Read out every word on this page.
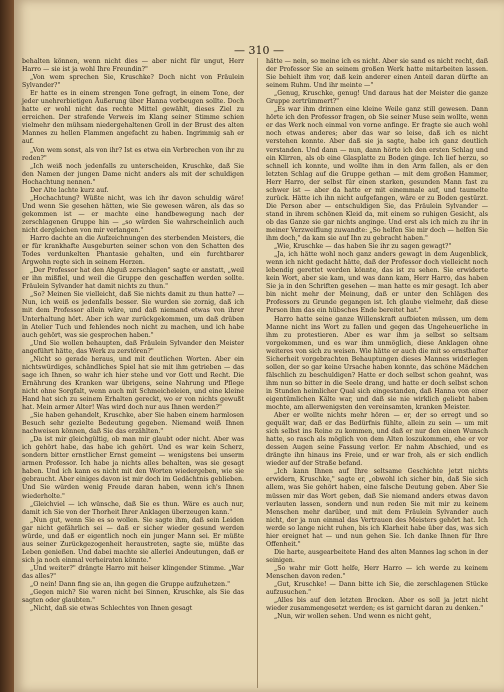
— 310 —

behalten können, wenn nicht dies — aber nicht für ungut, Herr Harro — sie ist ja wohl Ihre Freundin?"

„Von wem sprechen Sie, Kruschke? Doch nicht von Fräulein Sylvander?"

Er hatte es in einem strengen Tone gefragt, in einem Tone, der jeder unehrerbietigen Äußerung über Hanna vorbeugen sollte. Doch hatte er wohl nicht das rechte Mittel gewählt, dieses Ziel zu erreichen. Der strafende Verweis im Klang seiner Stimme schien vielmehr den mühsam niedergehaltenen Groll in der Brust des alten Mannes zu hellen Flammen angefacht zu haben. Ingrimmig sah er auf.

„Von wem sonst, als von ihr? Ist es etwa ein Verbrechen von ihr zu reden?"

„Ich weiß noch jedenfalls zu unterscheiden, Kruschke, daß Sie den Namen der jungen Dame nicht anders als mit der schuldigen Hochachtung nennen."

Der Alte lachte kurz auf.

„Hochachtung? Wüßte nicht, was ich ihr davon schuldig wäre! Und wenn Sie gesehen hätten, wie Sie gewesen wären, als das so gekommen ist — er machte eine handbewegung nach der zerschlagenen Gruppe hin — „so würden Sie wahrscheinlich auch nicht dergleichen von mir verlangen."

Harro dachte an die Aufzeichnungen des sterbenden Meisters, die er für krankhafte Ausgeburten seiner schon von den Schatten des Todes verdunkelten Phantasie gehalten, und ein furchtbarer Argwohn regte sich in seinem Herzen.

„Der Professor hat den Abguß zerschlagen" sagte er anstatt, „weil er ihn mißfiel, und weil die Gruppe den geschaffen werden sollte. Fräulein Sylvander hat damit nichts zu thun."

„So? Meinen Sie vielleicht, daß Sie nichts damit zu thun hatte? — Nun, ich weiß es jedenfalls besser. Sie wurden sie zornig, daß ich mit dem Professor allein wäre, und daß niemand etwas von ihrer Unterhaltung hört. Aber ich war zurückgekommen, um daß drüben in Atelier Tuch und fehlendes noch nicht zu machen, und ich habe auch gehört, was sie gesprochen haben."

„Und Sie wollen behaupten, daß Fräulein Sylvander den Meister angeführt hätte, das Werk zu zerstören?"

„Nicht so gerade heraus, und mit deutlichen Worten. Aber ein nichtswürdiges, schändliches Spiel hat sie mit ihm getrieben — das sage ich Ihnen, so wahr ich hier stehe und vor Gott und Recht. Die Ernährung des Kranken war übrigens, seine Nahrung und Pflege nicht ohne Sorgfalt, wenn auch mit Schmeicheleien, und eine kleine Hand hat sich zu seinem Erhalten gereckt, wo er von nichts gewußt hat. Mein armer Alter! Was wird doch nur aus Ihnen werden?"

„Sie haben gehandelt, Kruschke, aber Sie haben einem harmlosen Besuch sehr gezielte Bedeutung gegeben. Niemand weiß Ihnen nachweisen können, daß Sie das erzählten."

„Da ist mir gleichgültig, ob man mir glaubt oder nicht. Aber was ich gehört habe, das habe ich gehört. Und es war kein Scherz, sondern bitter ernstlicher Ernst gemeint — wenigstens bei unserm armen Professor. Ich habe ja nichts alles behalten, was sie gesagt haben. Und ich kann es nicht mit den Worten wiedergeben, wie sie gebraucht. Aber einiges davon ist mir doch im Gedächtnis geblieben. Und Sie würden wenig Freude daran haben, wenn ich's Ihnen wiederholte."

„Gleichviel — ich wünsche, daß Sie es thun. Wäre es auch nur, damit ich Sie von der Thorheit Ihrer Anklagen überzeugen kann."

„Nun gut, wenn Sie es so wollen. Sie sagte ihm, daß sein Leiden gar nicht gefährlich sei — daß er sicher wieder gesund werden würde, und daß er eigentlich noch ein junger Mann sei. Er müßte aus seiner Zurückgezogenheit heraustreten, sagte sie, müßte das Leben genießen. Und dabei machte sie allerlei Andeutungen, daß er sich ja noch einmal verheiraten könnte."

„Und weiter?" drängte Harro mit heiser klingender Stimme. „War das alles?"

„O nein! Dann fing sie an, ihn gegen die Gruppe aufzuhetzen."

„Gegen mich? Sie waren nicht bei Sinnen, Kruschke, als Sie das sagten oder glaubten."

„Nicht, daß sie etwas Schlechtes von Ihnen gesagt

hätte — nein, so meine ich es nicht. Aber sie sand es nicht recht, daß der Professor Sie an seinem großen Werk hatte mitarbeiten lassen. Sie behielt ihm vor, daß kein anderer einen Anteil daran dürfte an seinem Ruhm. Und ihr meinte —"

„Genug, Kruschke, genug! Und daraus hat der Meister die ganze Gruppe zertrümmert?"

„Es war ihm drinnen eine kleine Weile ganz still gewesen. Dann hörte ich den Professor fragen, ob Sie seiner Muse sein wollte, wenn er das Werk noch einmal von vorne anfinge. Er fragte sie auch wohl noch etwas anderes; aber das war so leise, daß ich es nicht verstehen konnte. Aber daß sie ja sagte, habe ich ganz deutlich verstanden. Und dann — nun, dann hörte ich den ersten Schlag und ein Klirren, als ob eine Glasplatte zu Boden ginge. Ich lief herzu, so schnell ich konnte, und wollte ihm in den Arm fallen, als er den letzten Schlag auf die Gruppe gethan — mit dem großen Hammer, Herr Harro, der selbst für einen starken, gesunden Mann fast zu schwer ist — aber da hatte er mit einemmale auf, und taumelte zurück. Hätte ich ihn nicht aufgefangen, wäre er zu Boden gestürzt. Die Person aber — entschuldigen Sie, das Fräulein Sylvander — stand in ihrem schönen Kleid da, mit einem so ruhigen Gesicht, als ob das Ganze sie gar nichts anginge. Und erst als ich mich zu ihr in meiner Verzweiflung zuwandte: „So helfen Sie mir doch — helfen Sie ihm doch," da kam sie auf Ihn zu gebracht haben."

„Wie, Kruschke — das haben Sie ihr zu sagen gewagt?"

„Ja, ich hätte wohl noch ganz anders gewagt in dem Augenblick, wenn ich nicht gedacht hätte, daß der Professor doch vielleicht noch lebendig gerettet werden könnte, das ist zu sehen. Sie erwiderte kein Wort, aber sie kam, und was dann kam, Herr Harro, das haben Sie ja in den Schriften gesehen — man hatte es mir gesagt. Ich aber bin nicht mehr der Meinung, daß er unter den Schlägen des Professors zu Grunde gegangen ist. Ich glaube vielmehr, daß diese Person ihm das ein hübsches Ende bereitet hat."

Harro hatte seine ganze Willenskraft aufbieten müssen, um dem Manne nicht ins Wort zu fallen und gegen das Ungeheuerliche in ihm zu protestieren. Aber es war ihm ja selbst so seltsam vorgekommen, und es war ihm unmöglich, diese Anklagen ohne weiteres von sich zu weisen. Wie hätte er auch die mit so ernsthafter Sicherheit vorgebrachten Behauptungen dieses Mannes widerlegen sollen, der so gar keine Ursache haben konnte, das schöne Mädchen fälschlich zu beschuldigen? Hatte er doch selbst schon geahnt, was ihm nun so bitter in die Seele drang, und hatte er doch selbst schon in Stunden heimlicher Qual sich eingestanden, daß Hanna von einer eigentümlichen Kälte war, und daß sie nie wirklich geliebt haben mochte, am allerwenigsten den vereinsamten, kranken Meister.

Aber er wollte nichts mehr hören — er, der so erregt und so gequält war, daß er das Bedürfnis fühlte, allein zu sein — um mit sich selbst ins Reine zu kommen, und daß er nur den einen Wunsch hatte, so rasch als möglich von dem Alten loszukommen, ehe er vor dessen Augen seine Fassung verlor. Er nahm Abschied, und es drängte ihn hinaus ins Freie, und er war froh, als er sich endlich wieder auf der Straße befand.

„Ich kann Ihnen auf Ihre seltsame Geschichte jetzt nichts erwidern, Kruschke," sagte er, „obwohl ich sicher bin, daß Sie sich allem, was Sie gehört haben, eine falsche Deutung geben. Aber Sie müssen mir das Wort geben, daß Sie niemand anders etwas davon verlauten lassen, sondern und nun reden Sie mit mir zu keinem Menschen mehr darüber, und mit dem Fräulein Sylvander auch nicht, der ja nun einmal das Vertrauen des Meisters gehört hat. Ich werde so lange nicht ruhen, bis ich Klarheit habe über das, was sich hier ereignet hat — und nun gehen Sie. Ich danke Ihnen für Ihre Offenheit."

Die harte, ausgearbeitete Hand des alten Mannes lag schon in der seinigen.

„So wahr mir Gott helfe, Herr Harro — ich werde zu keinem Menschen davon reden."

„Gut, Kruschke! — Dann bitte ich Sie, die zerschlagenen Stücke aufzusuchen."

„Alles bis auf den letzten Brocken. Aber es soll ja jetzt nicht wieder zusammengesetzt werden; es ist garnicht daran zu denken."

„Nun, wir wollen sehen. Und wenn es nicht geht,
